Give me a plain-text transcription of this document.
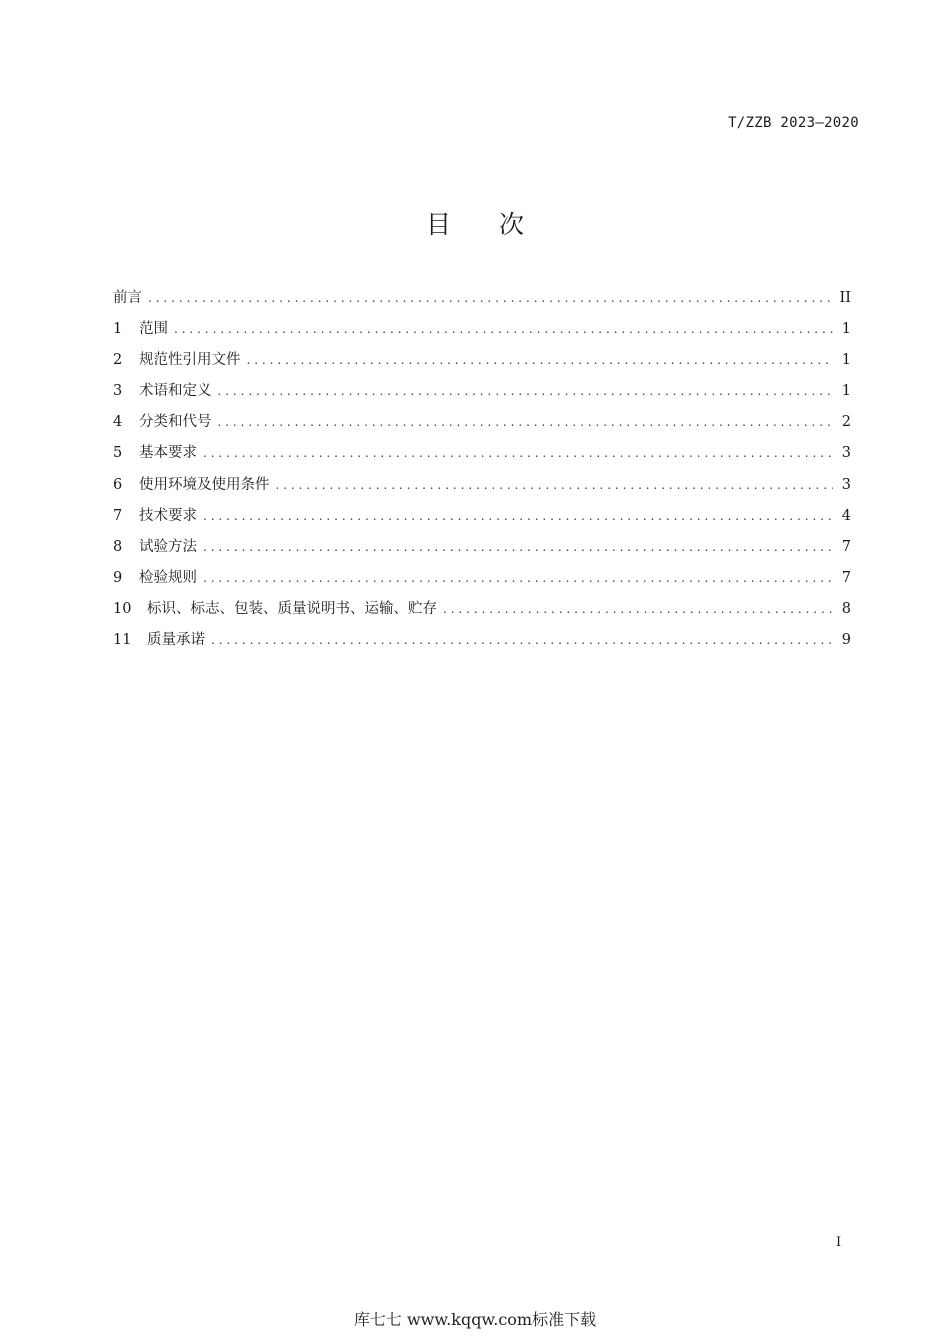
T/ZZB 2023—2020
目 次
前言 .....	II
1	范围 .....	1
2	规范性引用文件 .....	1
3	术语和定义 .....	1
4	分类和代号 .....	2
5	基本要求 .....	3
6	使用环境及使用条件 .....	3
7	技术要求 .....	4
8	试验方法 .....	7
9	检验规则 .....	7
10	标识、标志、包装、质量说明书、运输、贮存 .....	8
11	质量承诺 .....	9
I
库七七 www.kqqw.com标准下载
